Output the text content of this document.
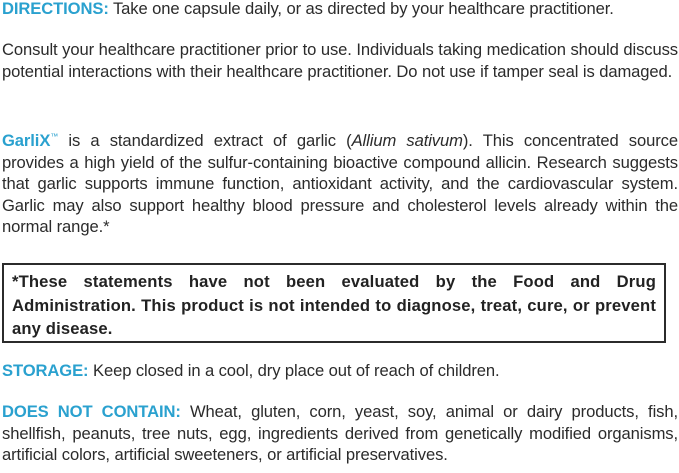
DIRECTIONS: Take one capsule daily, or as directed by your healthcare practitioner.
Consult your healthcare practitioner prior to use. Individuals taking medication should discuss potential interactions with their healthcare practitioner. Do not use if tamper seal is damaged.
GarliX™ is a standardized extract of garlic (Allium sativum). This concentrated source provides a high yield of the sulfur-containing bioactive compound allicin. Research suggests that garlic supports immune function, antioxidant activity, and the cardiovascular system. Garlic may also support healthy blood pressure and cholesterol levels already within the normal range.*
*These statements have not been evaluated by the Food and Drug Administration. This product is not intended to diagnose, treat, cure, or prevent any disease.
STORAGE: Keep closed in a cool, dry place out of reach of children.
DOES NOT CONTAIN: Wheat, gluten, corn, yeast, soy, animal or dairy products, fish, shellfish, peanuts, tree nuts, egg, ingredients derived from genetically modified organisms, artificial colors, artificial sweeteners, or artificial preservatives.
